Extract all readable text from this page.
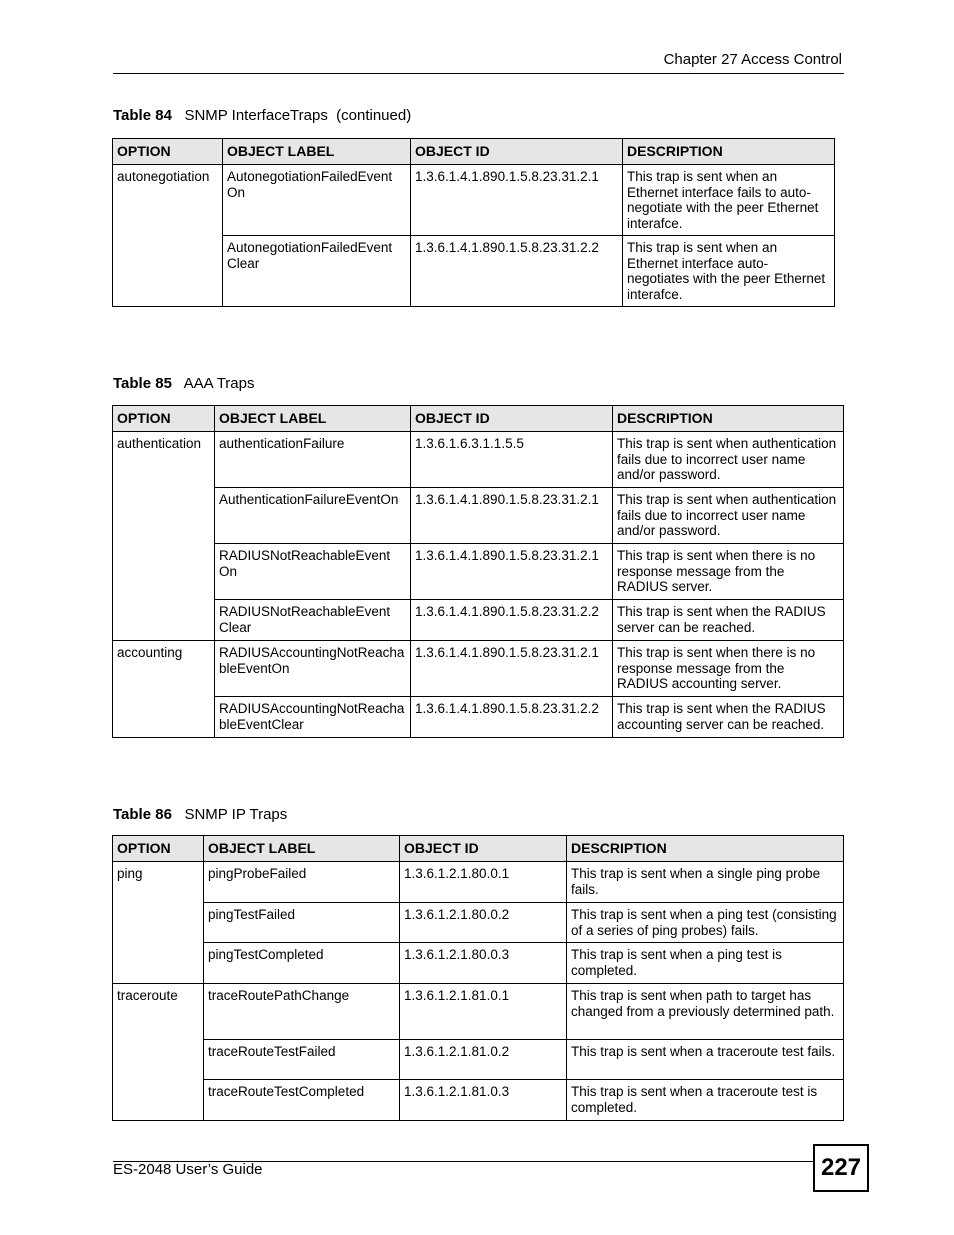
Chapter 27 Access Control
Table 84 SNMP InterfaceTraps  (continued)
OPTION	OBJECT LABEL	OBJECT ID	DESCRIPTION
autonegotiation	AutonegotiationFailedEvent On	1.3.6.1.4.1.890.1.5.8.23.31.2.1	This trap is sent when an Ethernet interface fails to auto-negotiate with the peer Ethernet interafce.
	AutonegotiationFailedEvent Clear	1.3.6.1.4.1.890.1.5.8.23.31.2.2	This trap is sent when an Ethernet interface auto-negotiates with the peer Ethernet interafce.
Table 85 AAA Traps
OPTION	OBJECT LABEL	OBJECT ID	DESCRIPTION
authentication	authenticationFailure	1.3.6.1.6.3.1.1.5.5	This trap is sent when authentication fails due to incorrect user name and/or password.
	AuthenticationFailureEventOn	1.3.6.1.4.1.890.1.5.8.23.31.2.1	This trap is sent when authentication fails due to incorrect user name and/or password.
	RADIUSNotReachableEvent On	1.3.6.1.4.1.890.1.5.8.23.31.2.1	This trap is sent when there is no response message from the RADIUS server.
	RADIUSNotReachableEvent Clear	1.3.6.1.4.1.890.1.5.8.23.31.2.2	This trap is sent when the RADIUS server can be reached.
accounting	RADIUSAccountingNotReachableEventOn	1.3.6.1.4.1.890.1.5.8.23.31.2.1	This trap is sent when there is no response message from the RADIUS accounting server.
	RADIUSAccountingNotReachableEventClear	1.3.6.1.4.1.890.1.5.8.23.31.2.2	This trap is sent when the RADIUS accounting server can be reached.
Table 86 SNMP IP Traps
OPTION	OBJECT LABEL	OBJECT ID	DESCRIPTION
ping	pingProbeFailed	1.3.6.1.2.1.80.0.1	This trap is sent when a single ping probe fails.
	pingTestFailed	1.3.6.1.2.1.80.0.2	This trap is sent when a ping test (consisting of a series of ping probes) fails.
	pingTestCompleted	1.3.6.1.2.1.80.0.3	This trap is sent when a ping test is completed.
traceroute	traceRoutePathChange	1.3.6.1.2.1.81.0.1	This trap is sent when path to target has changed from a previously determined path.
	traceRouteTestFailed	1.3.6.1.2.1.81.0.2	This trap is sent when a traceroute test fails.
	traceRouteTestCompleted	1.3.6.1.2.1.81.0.3	This trap is sent when a traceroute test is completed.
ES-2048 User’s Guide	227
